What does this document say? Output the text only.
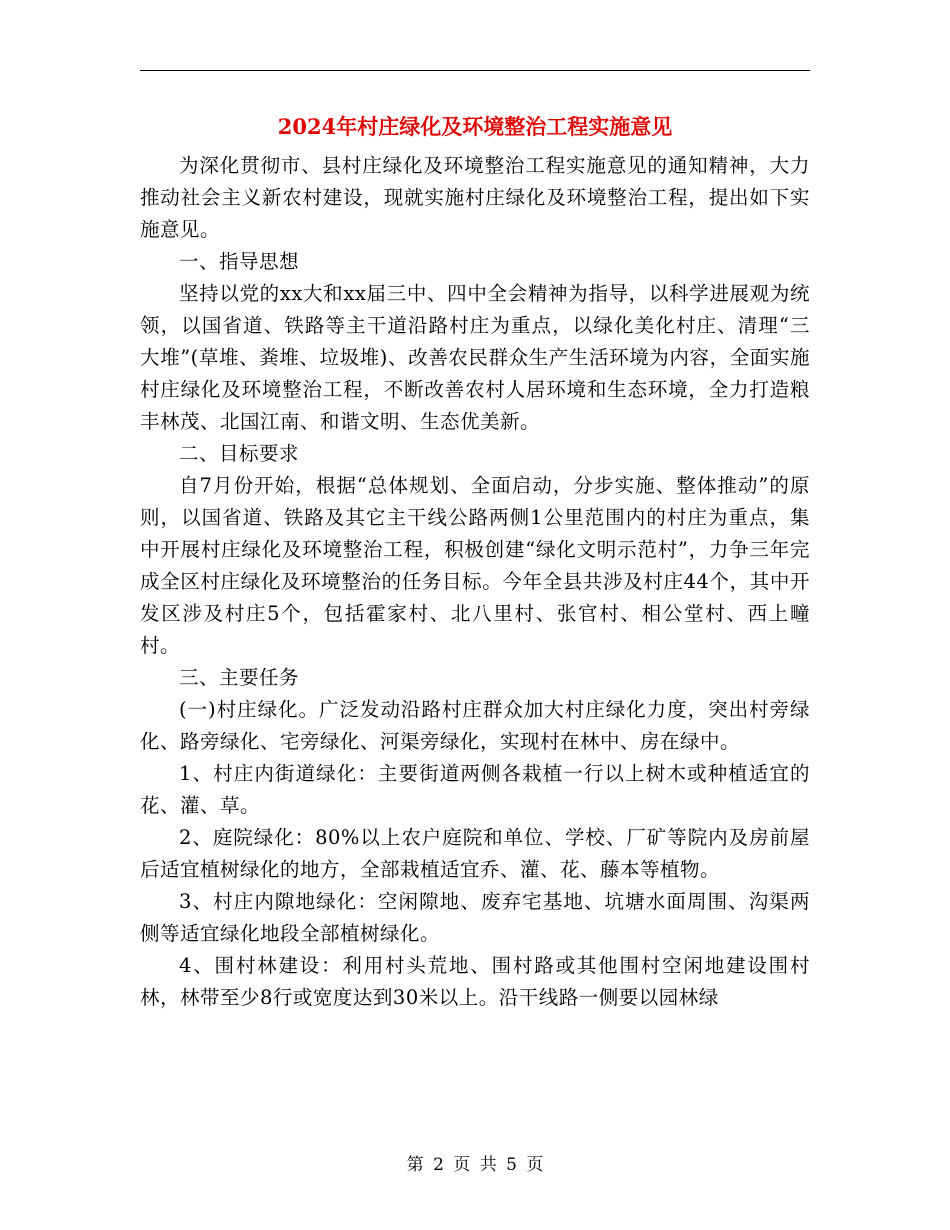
2024年村庄绿化及环境整治工程实施意见

为深化贯彻市、县村庄绿化及环境整治工程实施意见的通知精神，大力推动社会主义新农村建设，现就实施村庄绿化及环境整治工程，提出如下实施意见。

一、指导思想

坚持以党的xx大和xx届三中、四中全会精神为指导，以科学进展观为统领，以国省道、铁路等主干道沿路村庄为重点，以绿化美化村庄、清理“三大堆”(草堆、粪堆、垃圾堆)、改善农民群众生产生活环境为内容，全面实施村庄绿化及环境整治工程，不断改善农村人居环境和生态环境，全力打造粮丰林茂、北国江南、和谐文明、生态优美新。

二、目标要求

自7月份开始，根据“总体规划、全面启动，分步实施、整体推动”的原则，以国省道、铁路及其它主干线公路两侧1公里范围内的村庄为重点，集中开展村庄绿化及环境整治工程，积极创建“绿化文明示范村”，力争三年完成全区村庄绿化及环境整治的任务目标。今年全县共涉及村庄44个，其中开发区涉及村庄5个，包括霍家村、北八里村、张官村、相公堂村、西上疃村。

三、主要任务

(一)村庄绿化。广泛发动沿路村庄群众加大村庄绿化力度，突出村旁绿化、路旁绿化、宅旁绿化、河渠旁绿化，实现村在林中、房在绿中。

1、村庄内街道绿化：主要街道两侧各栽植一行以上树木或种植适宜的花、灌、草。

2、庭院绿化：80%以上农户庭院和单位、学校、厂矿等院内及房前屋后适宜植树绿化的地方，全部栽植适宜乔、灌、花、藤本等植物。

3、村庄内隙地绿化：空闲隙地、废弃宅基地、坑塘水面周围、沟渠两侧等适宜绿化地段全部植树绿化。

4、围村林建设：利用村头荒地、围村路或其他围村空闲地建设围村林，林带至少8行或宽度达到30米以上。沿干线路一侧要以园林绿

第 2 页 共 5 页
